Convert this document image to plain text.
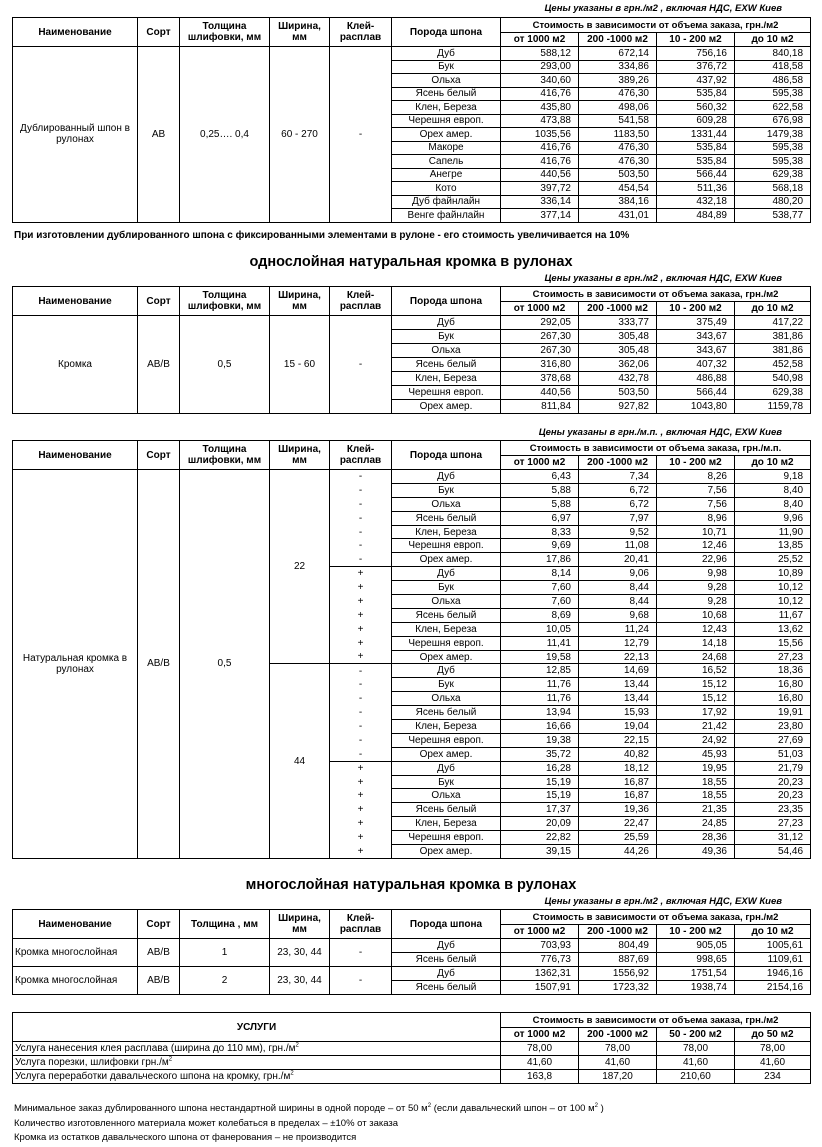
Цены указаны в грн./м2 , включая НДС, EXW Киев
Наименование	Сорт	Толщина шлифовки, мм	Ширина, мм	Клей-расплав	Порода шпона	Стоимость в зависимости от объема заказа, грн./м2			
						от 1000 м2	200 -1000 м2	10 - 200 м2	до 10 м2
Дублированный шпон в рулонах	АВ	0,25…. 0,4	60 - 270	-	Дуб	588,12	672,14	756,16	840,18
					Бук	293,00	334,86	376,72	418,58
					Ольха	340,60	389,26	437,92	486,58
					Ясень белый	416,76	476,30	535,84	595,38
					Клен, Береза	435,80	498,06	560,32	622,58
					Черешня европ.	473,88	541,58	609,28	676,98
					Орех амер.	1035,56	1183,50	1331,44	1479,38
					Макоре	416,76	476,30	535,84	595,38
					Сапель	416,76	476,30	535,84	595,38
					Анегре	440,56	503,50	566,44	629,38
					Кото	397,72	454,54	511,36	568,18
					Дуб файнлайн	336,14	384,16	432,18	480,20
					Венге файнлайн	377,14	431,01	484,89	538,77
При изготовлении дублированного шпона с фиксированными элементами в рулоне - его стоимость увеличивается на 10%
однослойная натуральная кромка в рулонах
Цены указаны в грн./м2 , включая НДС, EXW Киев
Наименование	Сорт	Толщина шлифовки, мм	Ширина, мм	Клей-расплав	Порода шпона	Стоимость в зависимости от объема заказа, грн./м2			
						от 1000 м2	200 -1000 м2	10 - 200 м2	до 10 м2
Кромка	АВ/В	0,5	15 - 60	-	Дуб	292,05	333,77	375,49	417,22
					Бук	267,30	305,48	343,67	381,86
					Ольха	267,30	305,48	343,67	381,86
					Ясень белый	316,80	362,06	407,32	452,58
					Клен, Береза	378,68	432,78	486,88	540,98
					Черешня европ.	440,56	503,50	566,44	629,38
					Орех амер.	811,84	927,82	1043,80	1159,78
Цены указаны в грн./м.п. , включая НДС, EXW Киев
Наименование	Сорт	Толщина шлифовки, мм	Ширина, мм	Клей-расплав	Порода шпона	Стоимость в зависимости от объема заказа, грн./м.п.			
						от 1000 м2	200 -1000 м2	10 - 200 м2	до 10 м2
Натуральная кромка в рулонах	АВ/В	0,5	22	-	Дуб	6,43	7,34	8,26	9,18
				-	Бук	5,88	6,72	7,56	8,40
				-	Ольха	5,88	6,72	7,56	8,40
				-	Ясень белый	6,97	7,97	8,96	9,96
				-	Клен, Береза	8,33	9,52	10,71	11,90
				-	Черешня европ.	9,69	11,08	12,46	13,85
				-	Орех амер.	17,86	20,41	22,96	25,52
				+	Дуб	8,14	9,06	9,98	10,89
				+	Бук	7,60	8,44	9,28	10,12
				+	Ольха	7,60	8,44	9,28	10,12
				+	Ясень белый	8,69	9,68	10,68	11,67
				+	Клен, Береза	10,05	11,24	12,43	13,62
				+	Черешня европ.	11,41	12,79	14,18	15,56
				+	Орех амер.	19,58	22,13	24,68	27,23
			44	-	Дуб	12,85	14,69	16,52	18,36
				-	Бук	11,76	13,44	15,12	16,80
				-	Ольха	11,76	13,44	15,12	16,80
				-	Ясень белый	13,94	15,93	17,92	19,91
				-	Клен, Береза	16,66	19,04	21,42	23,80
				-	Черешня европ.	19,38	22,15	24,92	27,69
				-	Орех амер.	35,72	40,82	45,93	51,03
				+	Дуб	16,28	18,12	19,95	21,79
				+	Бук	15,19	16,87	18,55	20,23
				+	Ольха	15,19	16,87	18,55	20,23
				+	Ясень белый	17,37	19,36	21,35	23,35
				+	Клен, Береза	20,09	22,47	24,85	27,23
				+	Черешня европ.	22,82	25,59	28,36	31,12
				+	Орех амер.	39,15	44,26	49,36	54,46
многослойная натуральная кромка в рулонах
Цены указаны в грн./м2 , включая НДС, EXW Киев
Наименование	Сорт	Толщина , мм	Ширина, мм	Клей-расплав	Порода шпона	Стоимость в зависимости от объема заказа, грн./м2			
						от 1000 м2	200 -1000 м2	10 - 200 м2	до 10 м2
Кромка многослойная	АВ/В	1	23, 30, 44	-	Дуб	703,93	804,49	905,05	1005,61
					Ясень белый	776,73	887,69	998,65	1109,61
Кромка многослойная	АВ/В	2	23, 30, 44	-	Дуб	1362,31	1556,92	1751,54	1946,16
					Ясень белый	1507,91	1723,32	1938,74	2154,16
УСЛУГИ	Стоимость в зависимости от объема заказа, грн./м2			
	от 1000 м2	200 -1000 м2	50 - 200 м2	до 50 м2
Услуга нанесения клея расплава (ширина до 110 мм), $грн./м^2$	78,00	78,00	78,00	78,00
Услуга порезки, шлифовки $грн./м^2$	41,60	41,60	41,60	41,60
Услуга переработки давальческого шпона на кромку, $грн./м^2$	163,8	187,20	210,60	234
Минимальное заказ дублированного шпона нестандартной ширины в одной породе – от 50 $м^2$ (если давальческий шпон – от 100 $м^2$ )
Количество изготовленного материала может колебаться в пределах – ±10% от заказа
Кромка из остатков давальческого шпона от фанерования – не производится
